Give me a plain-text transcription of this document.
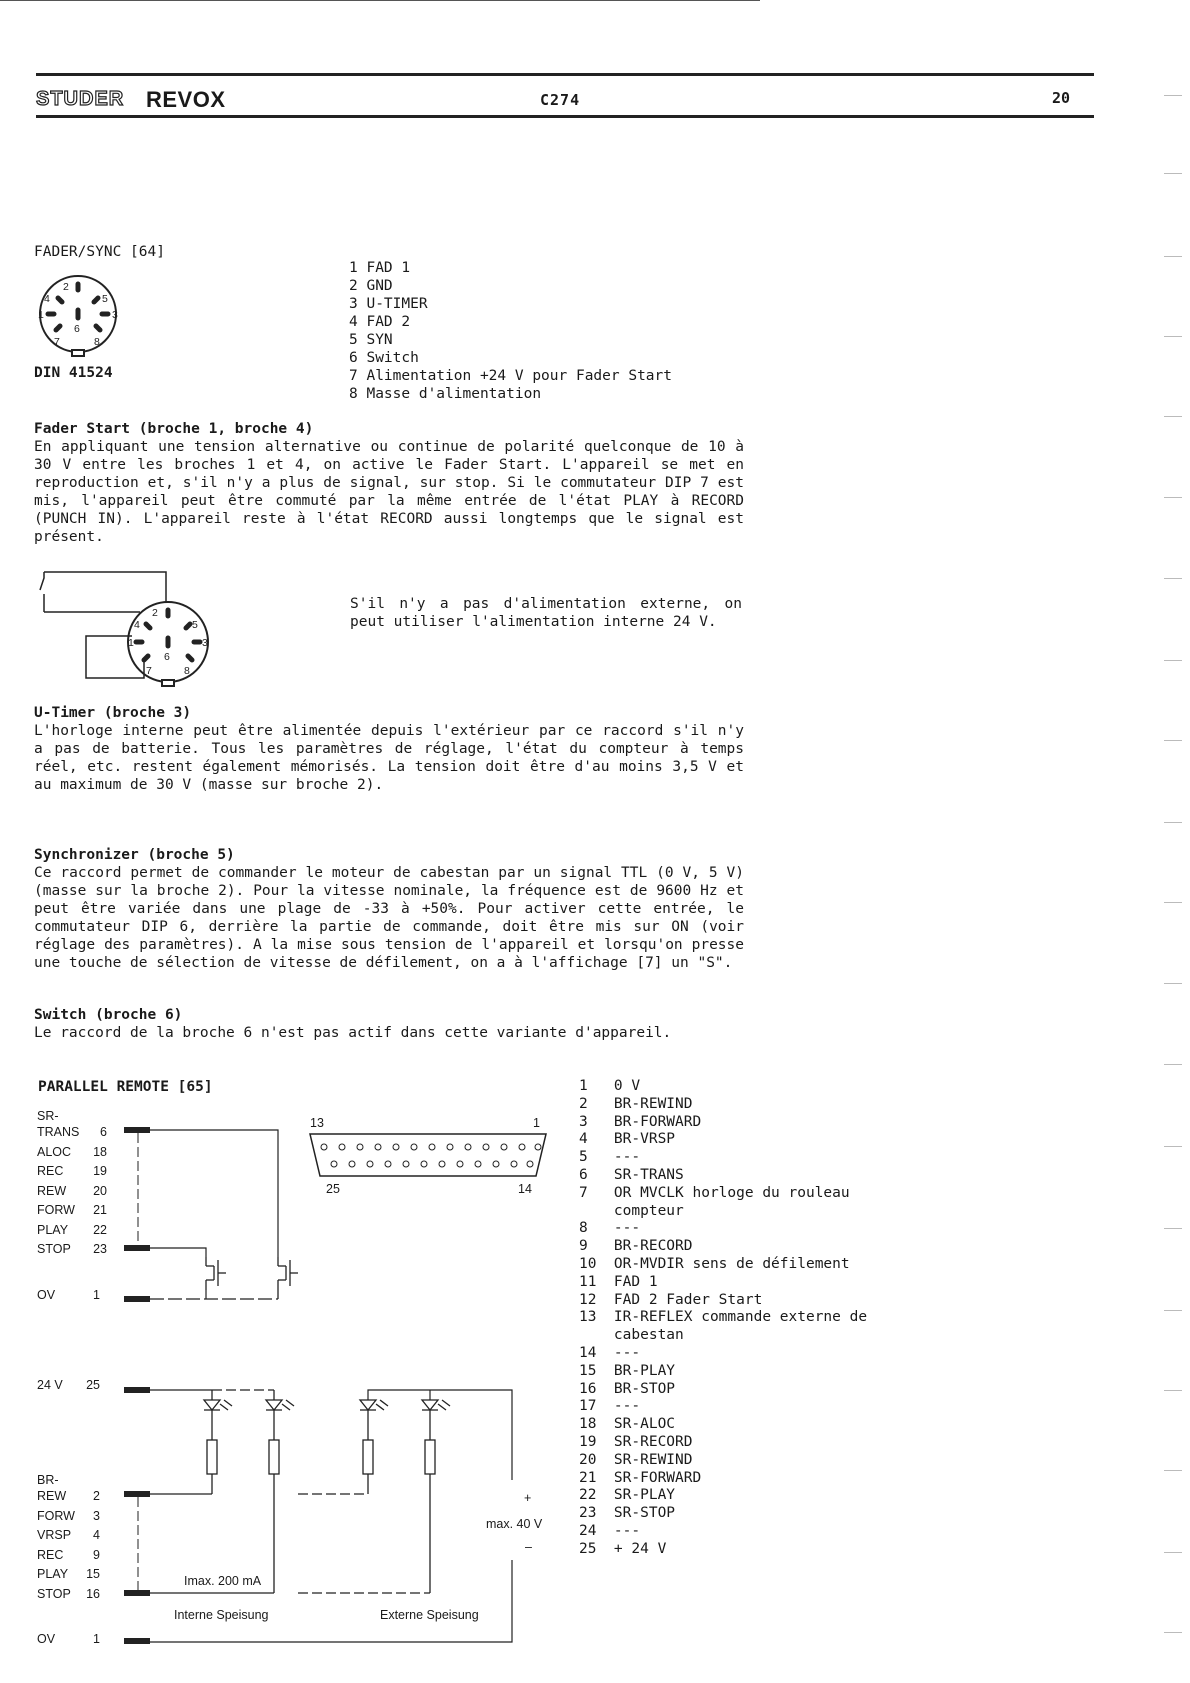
STUDER REVOX	C274	20
FADER/SYNC [64]
2
4	5
1	3
6
7	8
DIN 41524
1 FAD 1
2 GND
3 U-TIMER
4 FAD 2
5 SYN
6 Switch
7 Alimentation +24 V pour Fader Start
8 Masse d'alimentation
Fader Start (broche 1, broche 4)
En appliquant une tension alternative ou continue de polarité quelconque de 10 à 30 V entre les broches 1 et 4, on active le Fader Start. L'appareil se met en reproduction et, s'il n'y a plus de signal, sur stop. Si le commutateur DIP 7 est mis, l'appareil peut être commuté par la même entrée de l'état PLAY à RECORD (PUNCH IN). L'appareil reste à l'état RECORD aussi longtemps que le signal est présent.
2
4	5
1	3
6
7	8
S'il n'y a pas d'alimentation externe, on peut utiliser l'alimentation interne 24 V.
U-Timer (broche 3)
L'horloge interne peut être alimentée depuis l'extérieur par ce raccord s'il n'y a pas de batterie. Tous les paramètres de réglage, l'état du compteur à temps réel, etc. restent également mémorisés. La tension doit être d'au moins 3,5 V et au maximum de 30 V (masse sur broche 2).
Synchronizer (broche 5)
Ce raccord permet de commander le moteur de cabestan par un signal TTL (0 V, 5 V) (masse sur la broche 2). Pour la vitesse nominale, la fréquence est de 9600 Hz et peut être variée dans une plage de -33 à +50%. Pour activer cette entrée, le commutateur DIP 6, derrière la partie de commande, doit être mis sur ON (voir réglage des paramètres). A la mise sous tension de l'appareil et lorsqu'on presse une touche de sélection de vitesse de défilement, on a à l'affichage [7] un "S".
Switch (broche 6)
Le raccord de la broche 6 n'est pas actif dans cette variante d'appareil.
PARALLEL REMOTE [65]
SR-
TRANS 6
ALOC 18
REC 19
REW 20
FORW 21
PLAY 22
STOP 23
OV	1
13	1
25	14
24 V 25
BR-
REW 2
FORW 3
VRSP 4
REC 9
PLAY 15
STOP 16
OV	1
+
max. 40 V
–
Imax. 200 mA
Interne Speisung	Externe Speisung
1   0 V
2   BR-REWIND
3   BR-FORWARD
4   BR-VRSP
5   ---
6   SR-TRANS
7   OR MVCLK horloge du rouleau
compteur
8   ---
9   BR-RECORD
10  OR-MVDIR sens de défilement
11  FAD 1
12  FAD 2 Fader Start
13  IR-REFLEX commande externe de
cabestan
14  ---
15  BR-PLAY
16  BR-STOP
17  ---
18  SR-ALOC
19  SR-RECORD
20  SR-REWIND
21  SR-FORWARD
22  SR-PLAY
23  SR-STOP
24  ---
25  + 24 V
